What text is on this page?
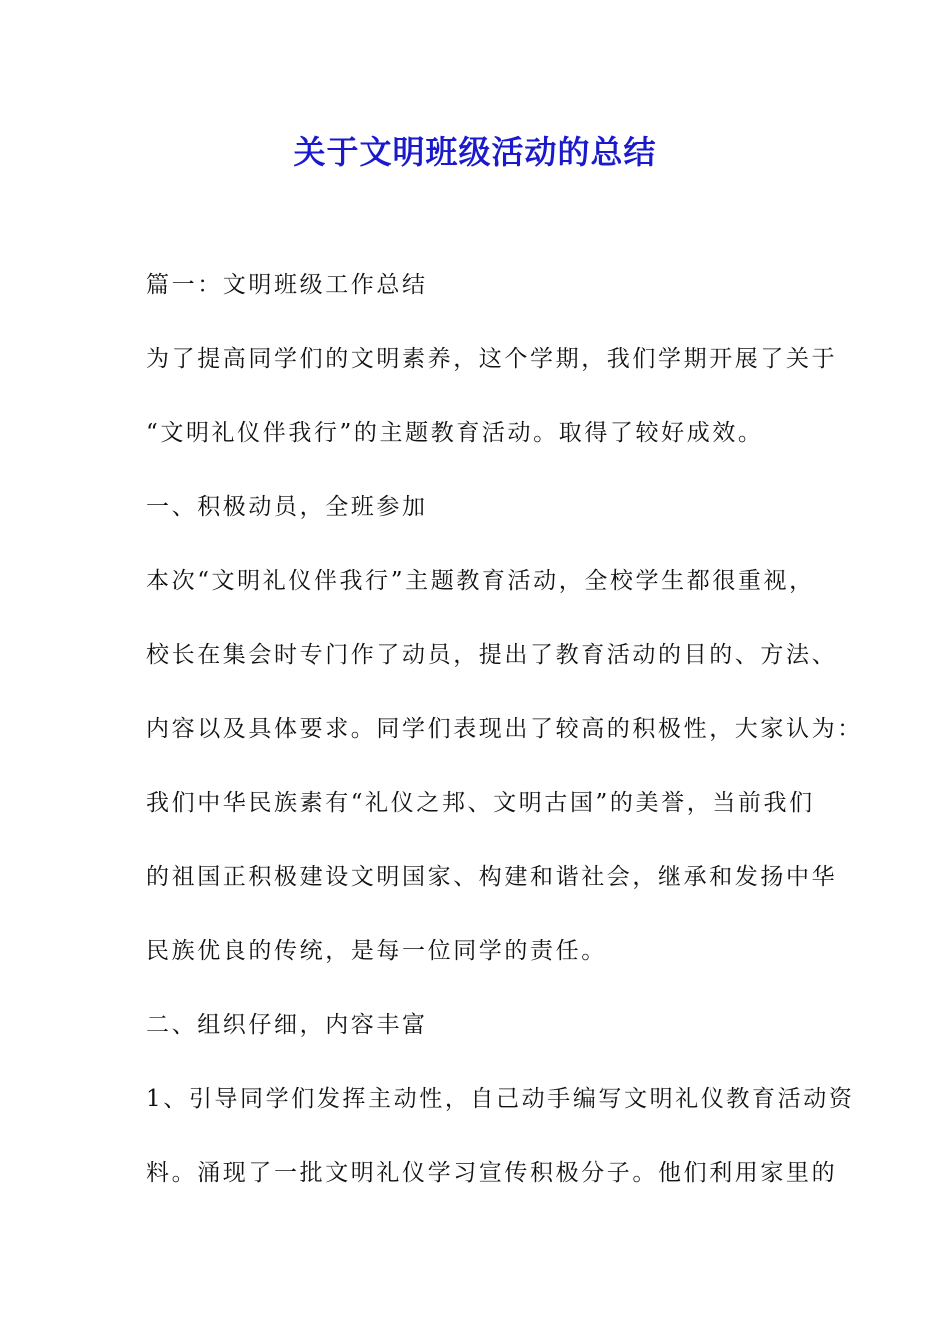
关于文明班级活动的总结
篇一：文明班级工作总结
为了提高同学们的文明素养，这个学期，我们学期开展了关于
“文明礼仪伴我行”的主题教育活动。取得了较好成效。
一、积极动员，全班参加
本次“文明礼仪伴我行”主题教育活动，全校学生都很重视，
校长在集会时专门作了动员，提出了教育活动的目的、方法、
内容以及具体要求。同学们表现出了较高的积极性，大家认为：
我们中华民族素有“礼仪之邦、文明古国”的美誉，当前我们
的祖国正积极建设文明国家、构建和谐社会，继承和发扬中华
民族优良的传统，是每一位同学的责任。
二、组织仔细，内容丰富
1、引导同学们发挥主动性，自己动手编写文明礼仪教育活动资
料。涌现了一批文明礼仪学习宣传积极分子。他们利用家里的
